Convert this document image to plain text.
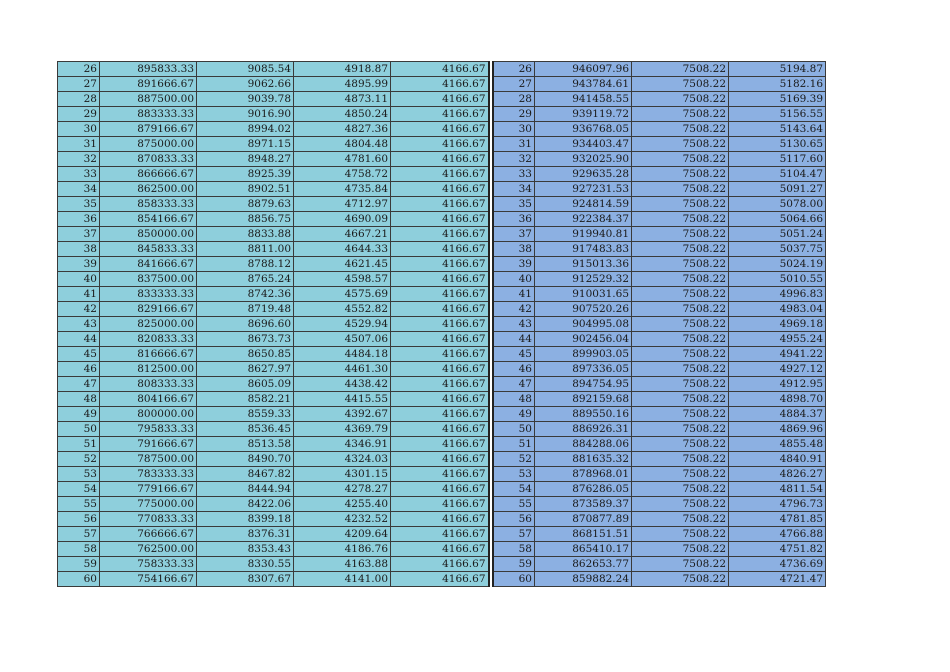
26	895833.33	9085.54	4918.87	4166.67
27	891666.67	9062.66	4895.99	4166.67
28	887500.00	9039.78	4873.11	4166.67
29	883333.33	9016.90	4850.24	4166.67
30	879166.67	8994.02	4827.36	4166.67
31	875000.00	8971.15	4804.48	4166.67
32	870833.33	8948.27	4781.60	4166.67
33	866666.67	8925.39	4758.72	4166.67
34	862500.00	8902.51	4735.84	4166.67
35	858333.33	8879.63	4712.97	4166.67
36	854166.67	8856.75	4690.09	4166.67
37	850000.00	8833.88	4667.21	4166.67
38	845833.33	8811.00	4644.33	4166.67
39	841666.67	8788.12	4621.45	4166.67
40	837500.00	8765.24	4598.57	4166.67
41	833333.33	8742.36	4575.69	4166.67
42	829166.67	8719.48	4552.82	4166.67
43	825000.00	8696.60	4529.94	4166.67
44	820833.33	8673.73	4507.06	4166.67
45	816666.67	8650.85	4484.18	4166.67
46	812500.00	8627.97	4461.30	4166.67
47	808333.33	8605.09	4438.42	4166.67
48	804166.67	8582.21	4415.55	4166.67
49	800000.00	8559.33	4392.67	4166.67
50	795833.33	8536.45	4369.79	4166.67
51	791666.67	8513.58	4346.91	4166.67
52	787500.00	8490.70	4324.03	4166.67
53	783333.33	8467.82	4301.15	4166.67
54	779166.67	8444.94	4278.27	4166.67
55	775000.00	8422.06	4255.40	4166.67
56	770833.33	8399.18	4232.52	4166.67
57	766666.67	8376.31	4209.64	4166.67
58	762500.00	8353.43	4186.76	4166.67
59	758333.33	8330.55	4163.88	4166.67
60	754166.67	8307.67	4141.00	4166.67
26	946097.96	7508.22	5194.87
27	943784.61	7508.22	5182.16
28	941458.55	7508.22	5169.39
29	939119.72	7508.22	5156.55
30	936768.05	7508.22	5143.64
31	934403.47	7508.22	5130.65
32	932025.90	7508.22	5117.60
33	929635.28	7508.22	5104.47
34	927231.53	7508.22	5091.27
35	924814.59	7508.22	5078.00
36	922384.37	7508.22	5064.66
37	919940.81	7508.22	5051.24
38	917483.83	7508.22	5037.75
39	915013.36	7508.22	5024.19
40	912529.32	7508.22	5010.55
41	910031.65	7508.22	4996.83
42	907520.26	7508.22	4983.04
43	904995.08	7508.22	4969.18
44	902456.04	7508.22	4955.24
45	899903.05	7508.22	4941.22
46	897336.05	7508.22	4927.12
47	894754.95	7508.22	4912.95
48	892159.68	7508.22	4898.70
49	889550.16	7508.22	4884.37
50	886926.31	7508.22	4869.96
51	884288.06	7508.22	4855.48
52	881635.32	7508.22	4840.91
53	878968.01	7508.22	4826.27
54	876286.05	7508.22	4811.54
55	873589.37	7508.22	4796.73
56	870877.89	7508.22	4781.85
57	868151.51	7508.22	4766.88
58	865410.17	7508.22	4751.82
59	862653.77	7508.22	4736.69
60	859882.24	7508.22	4721.47
